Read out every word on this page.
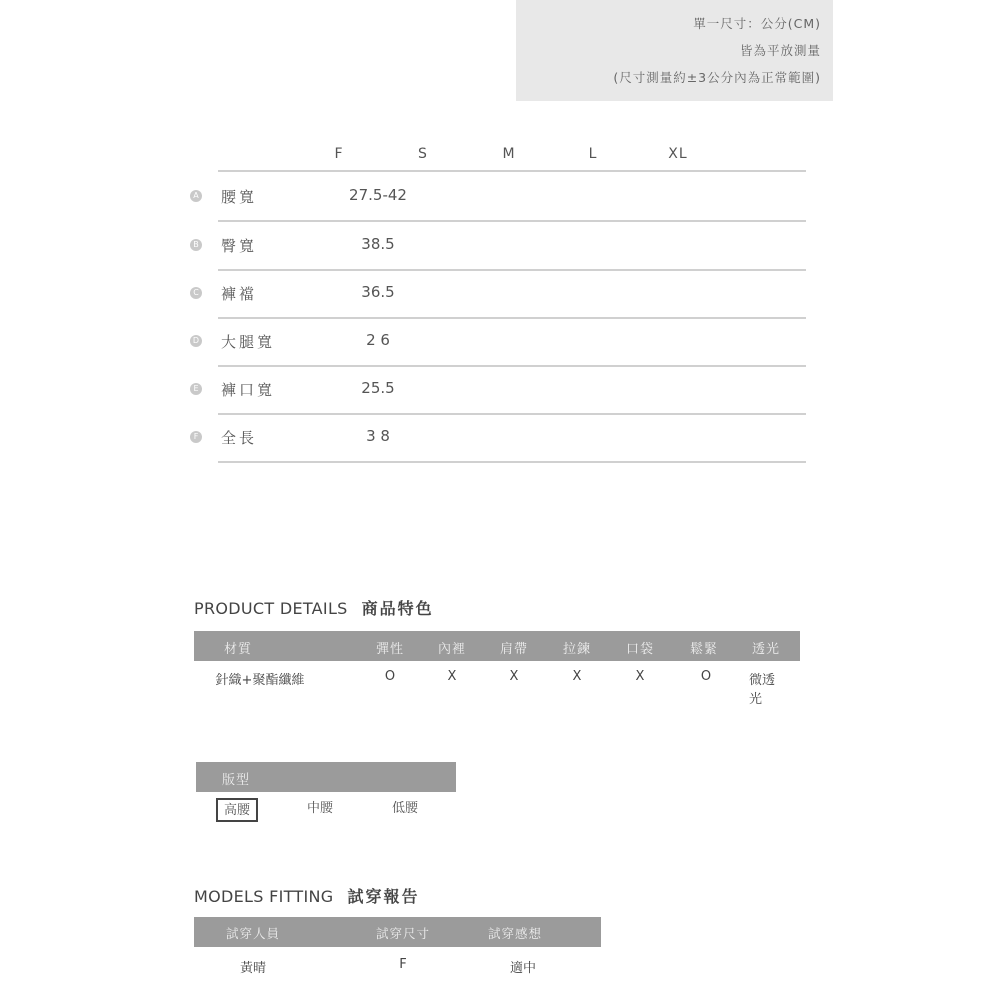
單一尺寸：公分(CM)
皆為平放測量
(尺寸測量約±3公分內為正常範圍)
F	S	M	L	XL
A 腰寬	27.5-42
B 臀寬	38.5
C 褲襠	36.5
D 大腿寬	2 6
E 褲口寬	25.5
F 全長	3 8
PRODUCT DETAILS 商品特色
材質	彈性	內裡	肩帶	拉鍊	口袋	鬆緊	透光
針織+聚酯纖維	O	X	X	X	X	O	微透光
版型
高腰	中腰	低腰
MODELS FITTING 試穿報告
試穿人員	試穿尺寸	試穿感想
黃晴	F	適中
